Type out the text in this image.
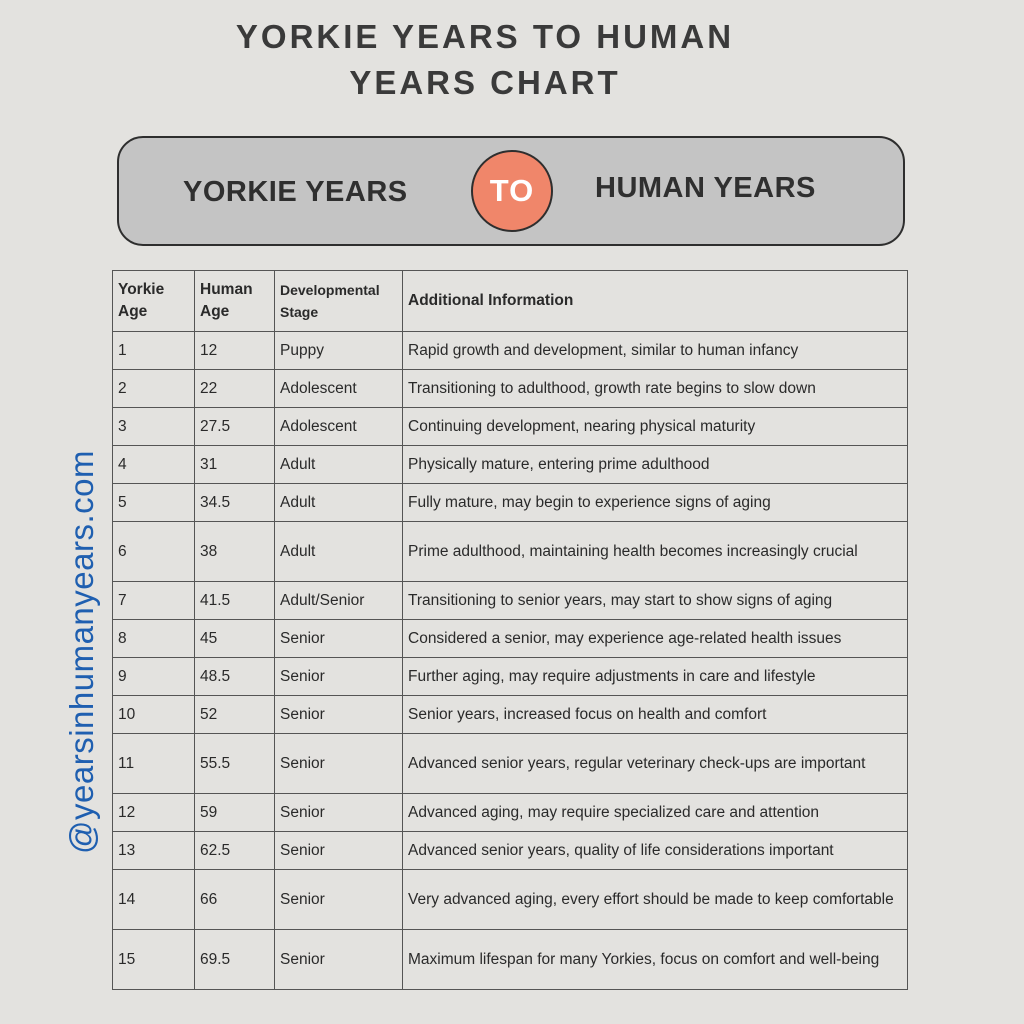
YORKIE YEARS TO HUMAN
YEARS CHART
YORKIE YEARS	TO	HUMAN YEARS
@yearsinhumanyears.com
Yorkie Age	Human Age	Developmental Stage	Additional Information
1	12	Puppy	Rapid growth and development, similar to human infancy
2	22	Adolescent	Transitioning to adulthood, growth rate begins to slow down
3	27.5	Adolescent	Continuing development, nearing physical maturity
4	31	Adult	Physically mature, entering prime adulthood
5	34.5	Adult	Fully mature, may begin to experience signs of aging
6	38	Adult	Prime adulthood, maintaining health becomes increasingly crucial
7	41.5	Adult/Senior	Transitioning to senior years, may start to show signs of aging
8	45	Senior	Considered a senior, may experience age-related health issues
9	48.5	Senior	Further aging, may require adjustments in care and lifestyle
10	52	Senior	Senior years, increased focus on health and comfort
11	55.5	Senior	Advanced senior years, regular veterinary check-ups are important
12	59	Senior	Advanced aging, may require specialized care and attention
13	62.5	Senior	Advanced senior years, quality of life considerations important
14	66	Senior	Very advanced aging, every effort should be made to keep comfortable
15	69.5	Senior	Maximum lifespan for many Yorkies, focus on comfort and well-being
